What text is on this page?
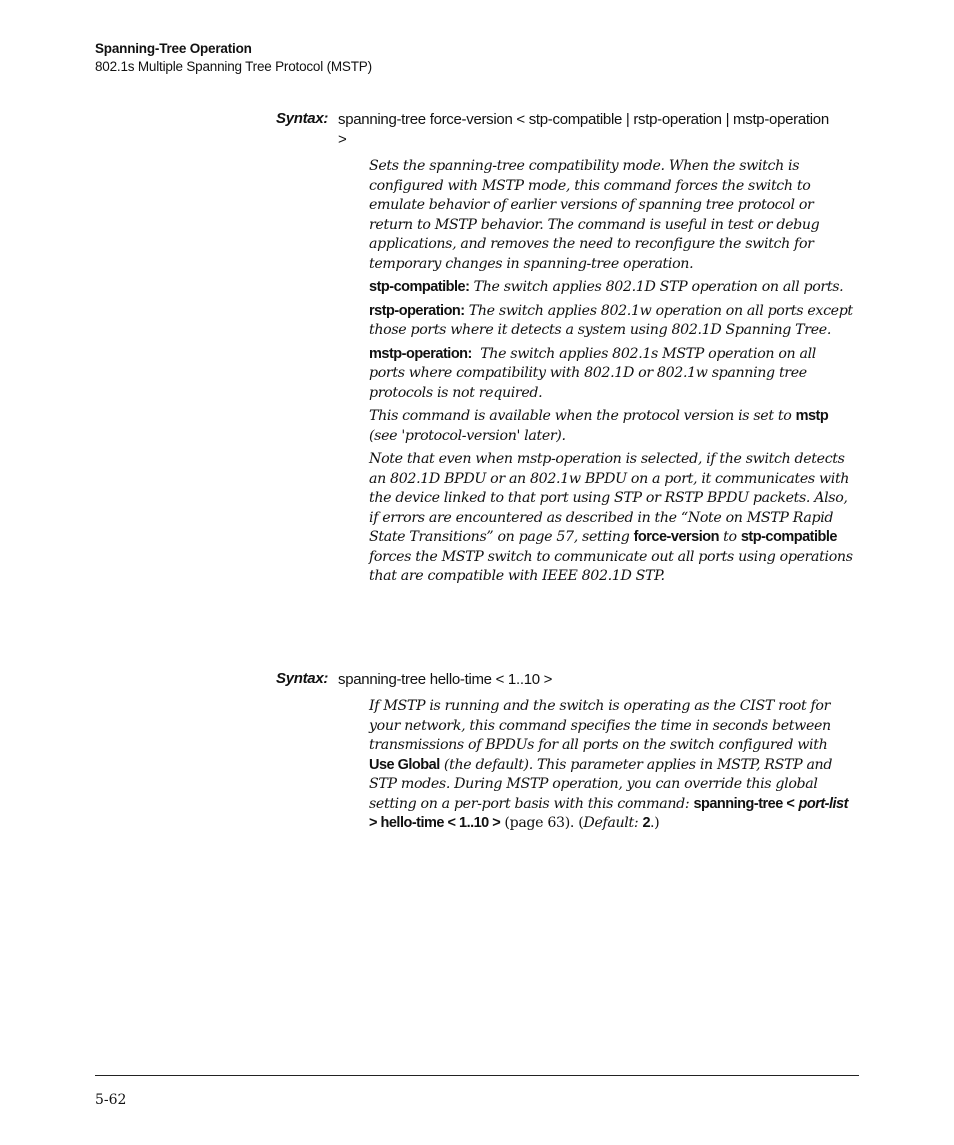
Spanning-Tree Operation
802.1s Multiple Spanning Tree Protocol (MSTP)
Syntax: spanning-tree force-version < stp-compatible | rstp-operation | mstp-operation >

Sets the spanning-tree compatibility mode. When the switch is configured with MSTP mode, this command forces the switch to emulate behavior of earlier versions of spanning tree protocol or return to MSTP behavior. The command is useful in test or debug applications, and removes the need to reconfigure the switch for temporary changes in spanning-tree operation.

stp-compatible: The switch applies 802.1D STP operation on all ports.

rstp-operation: The switch applies 802.1w operation on all ports except those ports where it detects a system using 802.1D Spanning Tree.

mstp-operation: The switch applies 802.1s MSTP operation on all ports where compatibility with 802.1D or 802.1w spanning tree protocols is not required.

This command is available when the protocol version is set to mstp (see 'protocol-version' later).

Note that even when mstp-operation is selected, if the switch detects an 802.1D BPDU or an 802.1w BPDU on a port, it communicates with the device linked to that port using STP or RSTP BPDU packets. Also, if errors are encountered as described in the “Note on MSTP Rapid State Transitions” on page 57, setting force-version to stp-compatible forces the MSTP switch to communicate out all ports using operations that are compatible with IEEE 802.1D STP.

Syntax: spanning-tree hello-time < 1..10 >

If MSTP is running and the switch is operating as the CIST root for your network, this command specifies the time in seconds between transmissions of BPDUs for all ports on the switch configured with Use Global (the default). This parameter applies in MSTP, RSTP and STP modes. During MSTP operation, you can override this global setting on a per-port basis with this command: spanning-tree < port-list > hello-time < 1..10 > (page 63). (Default: 2.)

5-62
